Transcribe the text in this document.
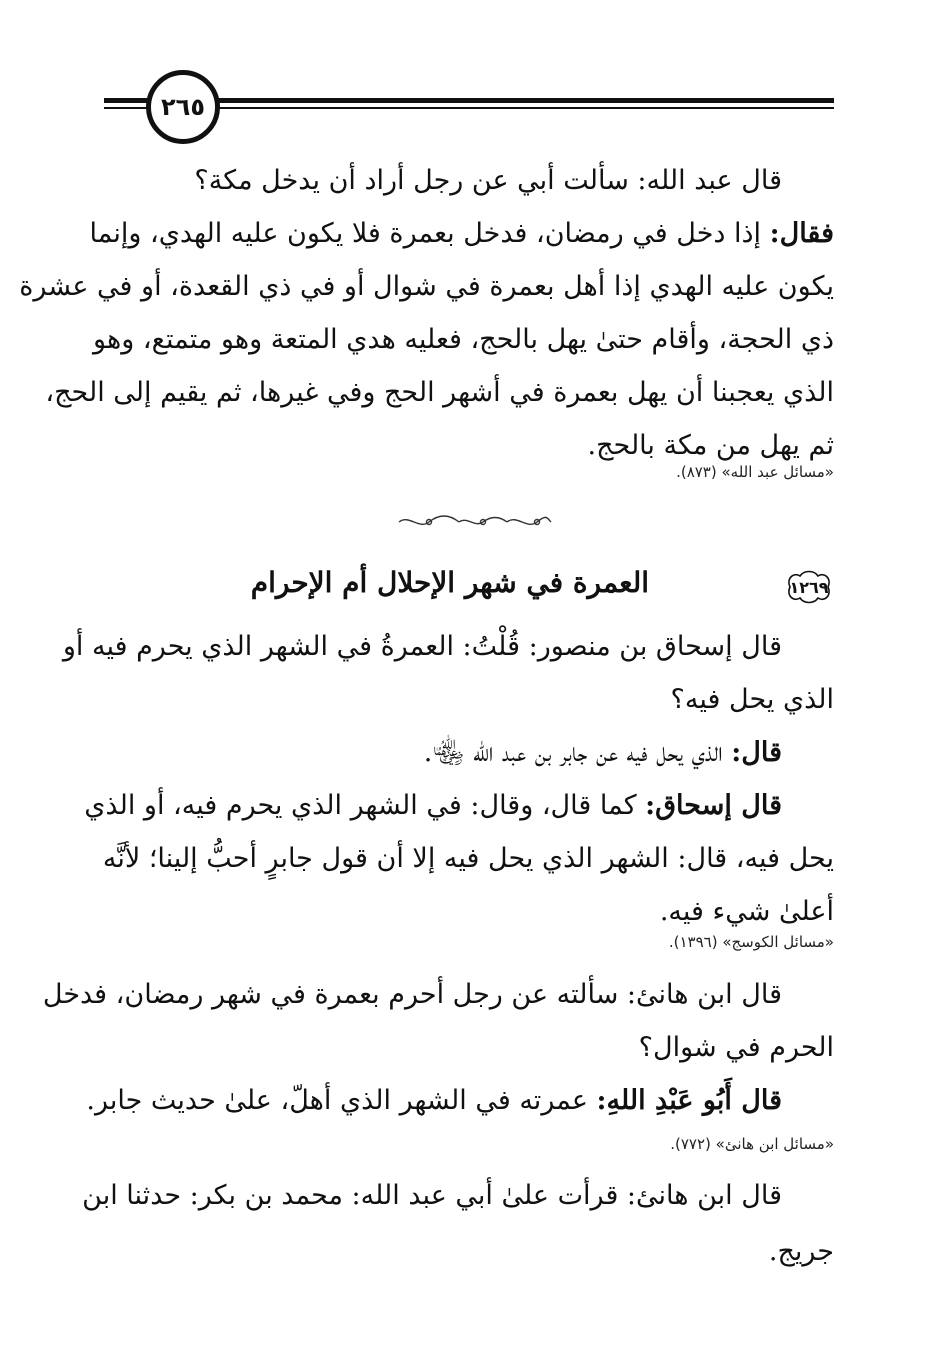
٢٦٥
قال عبد الله: سألت أبي عن رجل أراد أن يدخل مكة؟
فقال: إذا دخل في رمضان، فدخل بعمرة فلا يكون عليه الهدي، وإنما
يكون عليه الهدي إذا أهل بعمرة في شوال أو في ذي القعدة، أو في عشرة
ذي الحجة، وأقام حتىٰ يهل بالحج، فعليه هدي المتعة وهو متمتع، وهو
الذي يعجبنا أن يهل بعمرة في أشهر الحج وفي غيرها، ثم يقيم إلى الحج،
ثم يهل من مكة بالحج.
«مسائل عبد الله» (٨٧٣).
١٢٦٩
العمرة في شهر الإحلال أم الإحرام
قال إسحاق بن منصور: قُلْتُ: العمرةُ في الشهر الذي يحرم فيه أو
الذي يحل فيه؟
قال: الذي يحل فيه عن جابر بن عبد الله ﵄.
قال إسحاق: كما قال، وقال: في الشهر الذي يحرم فيه، أو الذي
يحل فيه، قال: الشهر الذي يحل فيه إلا أن قول جابرٍ أحبُّ إلينا؛ لأنَّه
أعلىٰ شيء فيه.
«مسائل الكوسج» (١٣٩٦).
قال ابن هانئ: سألته عن رجل أحرم بعمرة في شهر رمضان، فدخل
الحرم في شوال؟
قال أَبُو عَبْدِ اللهِ: عمرته في الشهر الذي أهلّ، علىٰ حديث جابر.
«مسائل ابن هانئ» (٧٧٢).
قال ابن هانئ: قرأت علىٰ أبي عبد الله: محمد بن بكر: حدثنا ابن
جريج.
